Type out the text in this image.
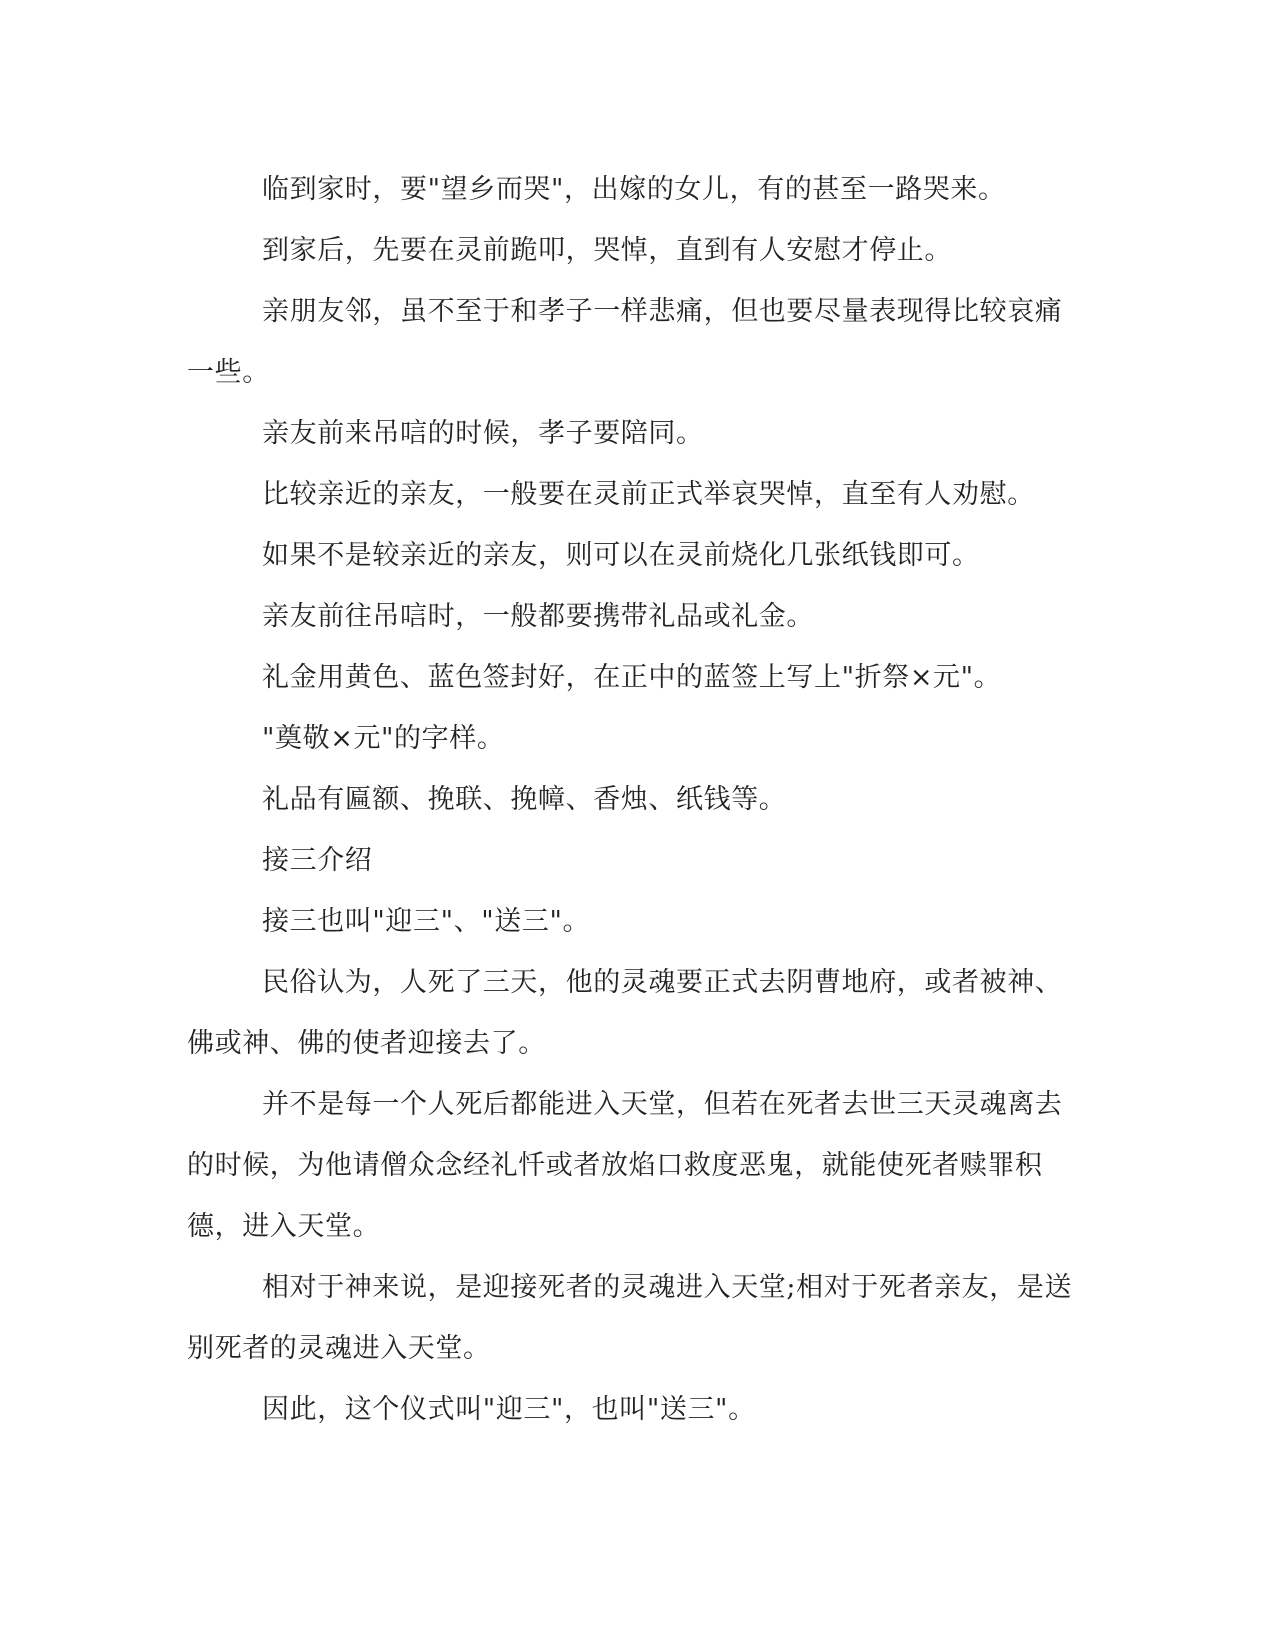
临到家时，要"望乡而哭"，出嫁的女儿，有的甚至一路哭来。

到家后，先要在灵前跪叩，哭悼，直到有人安慰才停止。

亲朋友邻，虽不至于和孝子一样悲痛，但也要尽量表现得比较哀痛一些。

亲友前来吊唁的时候，孝子要陪同。

比较亲近的亲友，一般要在灵前正式举哀哭悼，直至有人劝慰。

如果不是较亲近的亲友，则可以在灵前烧化几张纸钱即可。

亲友前往吊唁时，一般都要携带礼品或礼金。

礼金用黄色、蓝色签封好，在正中的蓝签上写上"折祭×元"。

"奠敬×元"的字样。

礼品有匾额、挽联、挽幛、香烛、纸钱等。

接三介绍

接三也叫"迎三"、"送三"。

民俗认为，人死了三天，他的灵魂要正式去阴曹地府，或者被神、佛或神、佛的使者迎接去了。

并不是每一个人死后都能进入天堂，但若在死者去世三天灵魂离去的时候，为他请僧众念经礼忏或者放焰口救度恶鬼，就能使死者赎罪积德，进入天堂。

相对于神来说，是迎接死者的灵魂进入天堂;相对于死者亲友，是送别死者的灵魂进入天堂。

因此，这个仪式叫"迎三"，也叫"送三"。
